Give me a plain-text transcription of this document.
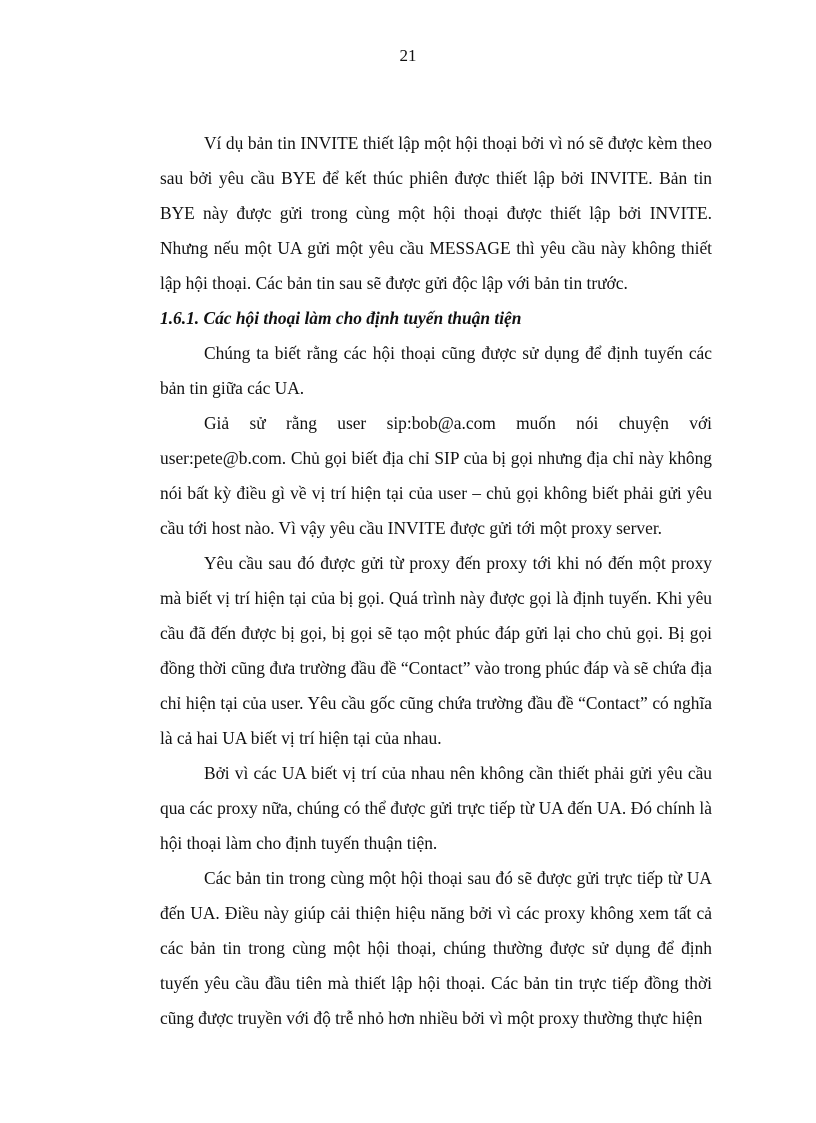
21

Ví dụ bản tin INVITE thiết lập một hội thoại bởi vì nó sẽ được kèm theo sau bởi yêu cầu BYE để kết thúc phiên được thiết lập bởi INVITE. Bản tin BYE này được gửi trong cùng một hội thoại được thiết lập bởi INVITE. Nhưng nếu một UA gửi một yêu cầu MESSAGE thì yêu cầu này không thiết lập hội thoại. Các bản tin sau sẽ được gửi độc lập với bản tin trước.

1.6.1. Các hội thoại làm cho định tuyến thuận tiện

Chúng ta biết rằng các hội thoại cũng được sử dụng để định tuyến các bản tin giữa các UA.

Giả sử rằng user sip:bob@a.com muốn nói chuyện với user:pete@b.com. Chủ gọi biết địa chỉ SIP của bị gọi nhưng địa chỉ này không nói bất kỳ điều gì về vị trí hiện tại của user – chủ gọi không biết phải gửi yêu cầu tới host nào. Vì vậy yêu cầu INVITE được gửi tới một proxy server.

Yêu cầu sau đó được gửi từ proxy đến proxy tới khi nó đến một proxy mà biết vị trí hiện tại của bị gọi. Quá trình này được gọi là định tuyến. Khi yêu cầu đã đến được bị gọi, bị gọi sẽ tạo một phúc đáp gửi lại cho chủ gọi. Bị gọi đồng thời cũng đưa trường đầu đề “Contact” vào trong phúc đáp và sẽ chứa địa chỉ hiện tại của user. Yêu cầu gốc cũng chứa trường đầu đề “Contact” có nghĩa là cả hai UA biết vị trí hiện tại của nhau.

Bởi vì các UA biết vị trí của nhau nên không cần thiết phải gửi yêu cầu qua các proxy nữa, chúng có thể được gửi trực tiếp từ UA đến UA. Đó chính là hội thoại làm cho định tuyến thuận tiện.

Các bản tin trong cùng một hội thoại sau đó sẽ được gửi trực tiếp từ UA đến UA. Điều này giúp cải thiện hiệu năng bởi vì các proxy không xem tất cả các bản tin trong cùng một hội thoại, chúng thường được sử dụng để định tuyến yêu cầu đầu tiên mà thiết lập hội thoại. Các bản tin trực tiếp đồng thời cũng được truyền với độ trễ nhỏ hơn nhiều bởi vì một proxy thường thực hiện
